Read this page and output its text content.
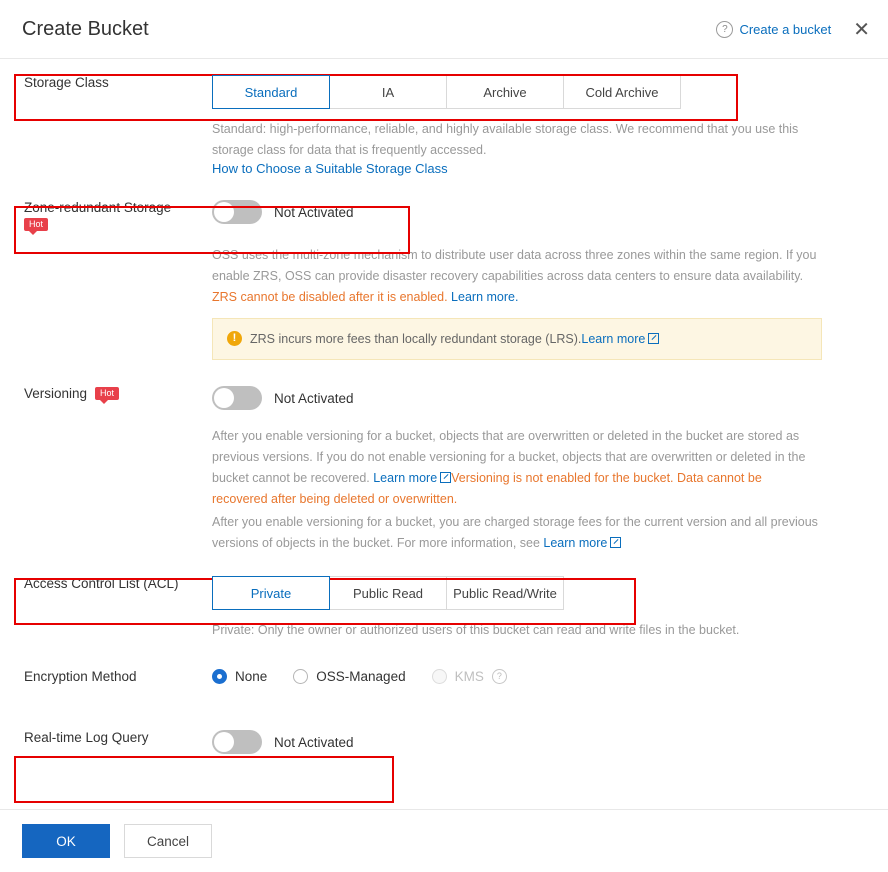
Create Bucket	? Create a bucket ✕
Storage Class
Standard	IA	Archive	Cold Archive

Standard: high-performance, reliable, and highly available storage class. We recommend that you use this storage class for data that is frequently accessed.

How to Choose a Suitable Storage Class
Zone-redundant Storage
Hot
Not Activated

OSS uses the multi-zone mechanism to distribute user data across three zones within the same region. If you enable ZRS, OSS can provide disaster recovery capabilities across data centers to ensure data availability. ZRS cannot be disabled after it is enabled. Learn more.

!	ZRS incurs more fees than locally redundant storage (LRS).Learn more
Versioning	Hot	Not Activated

After you enable versioning for a bucket, objects that are overwritten or deleted in the bucket are stored as previous versions. If you do not enable versioning for a bucket, objects that are overwritten or deleted in the bucket cannot be recovered. Learn more Versioning is not enabled for the bucket. Data cannot be recovered after being deleted or overwritten.

After you enable versioning for a bucket, you are charged storage fees for the current version and all previous versions of objects in the bucket. For more information, see Learn more

Access Control List (ACL)
Private	Public Read	Public Read/Write

Private: Only the owner or authorized users of this bucket can read and write files in the bucket.

Encryption Method	None	OSS-Managed	KMS	?
Real-time Log Query	Not Activated
OK	Cancel
